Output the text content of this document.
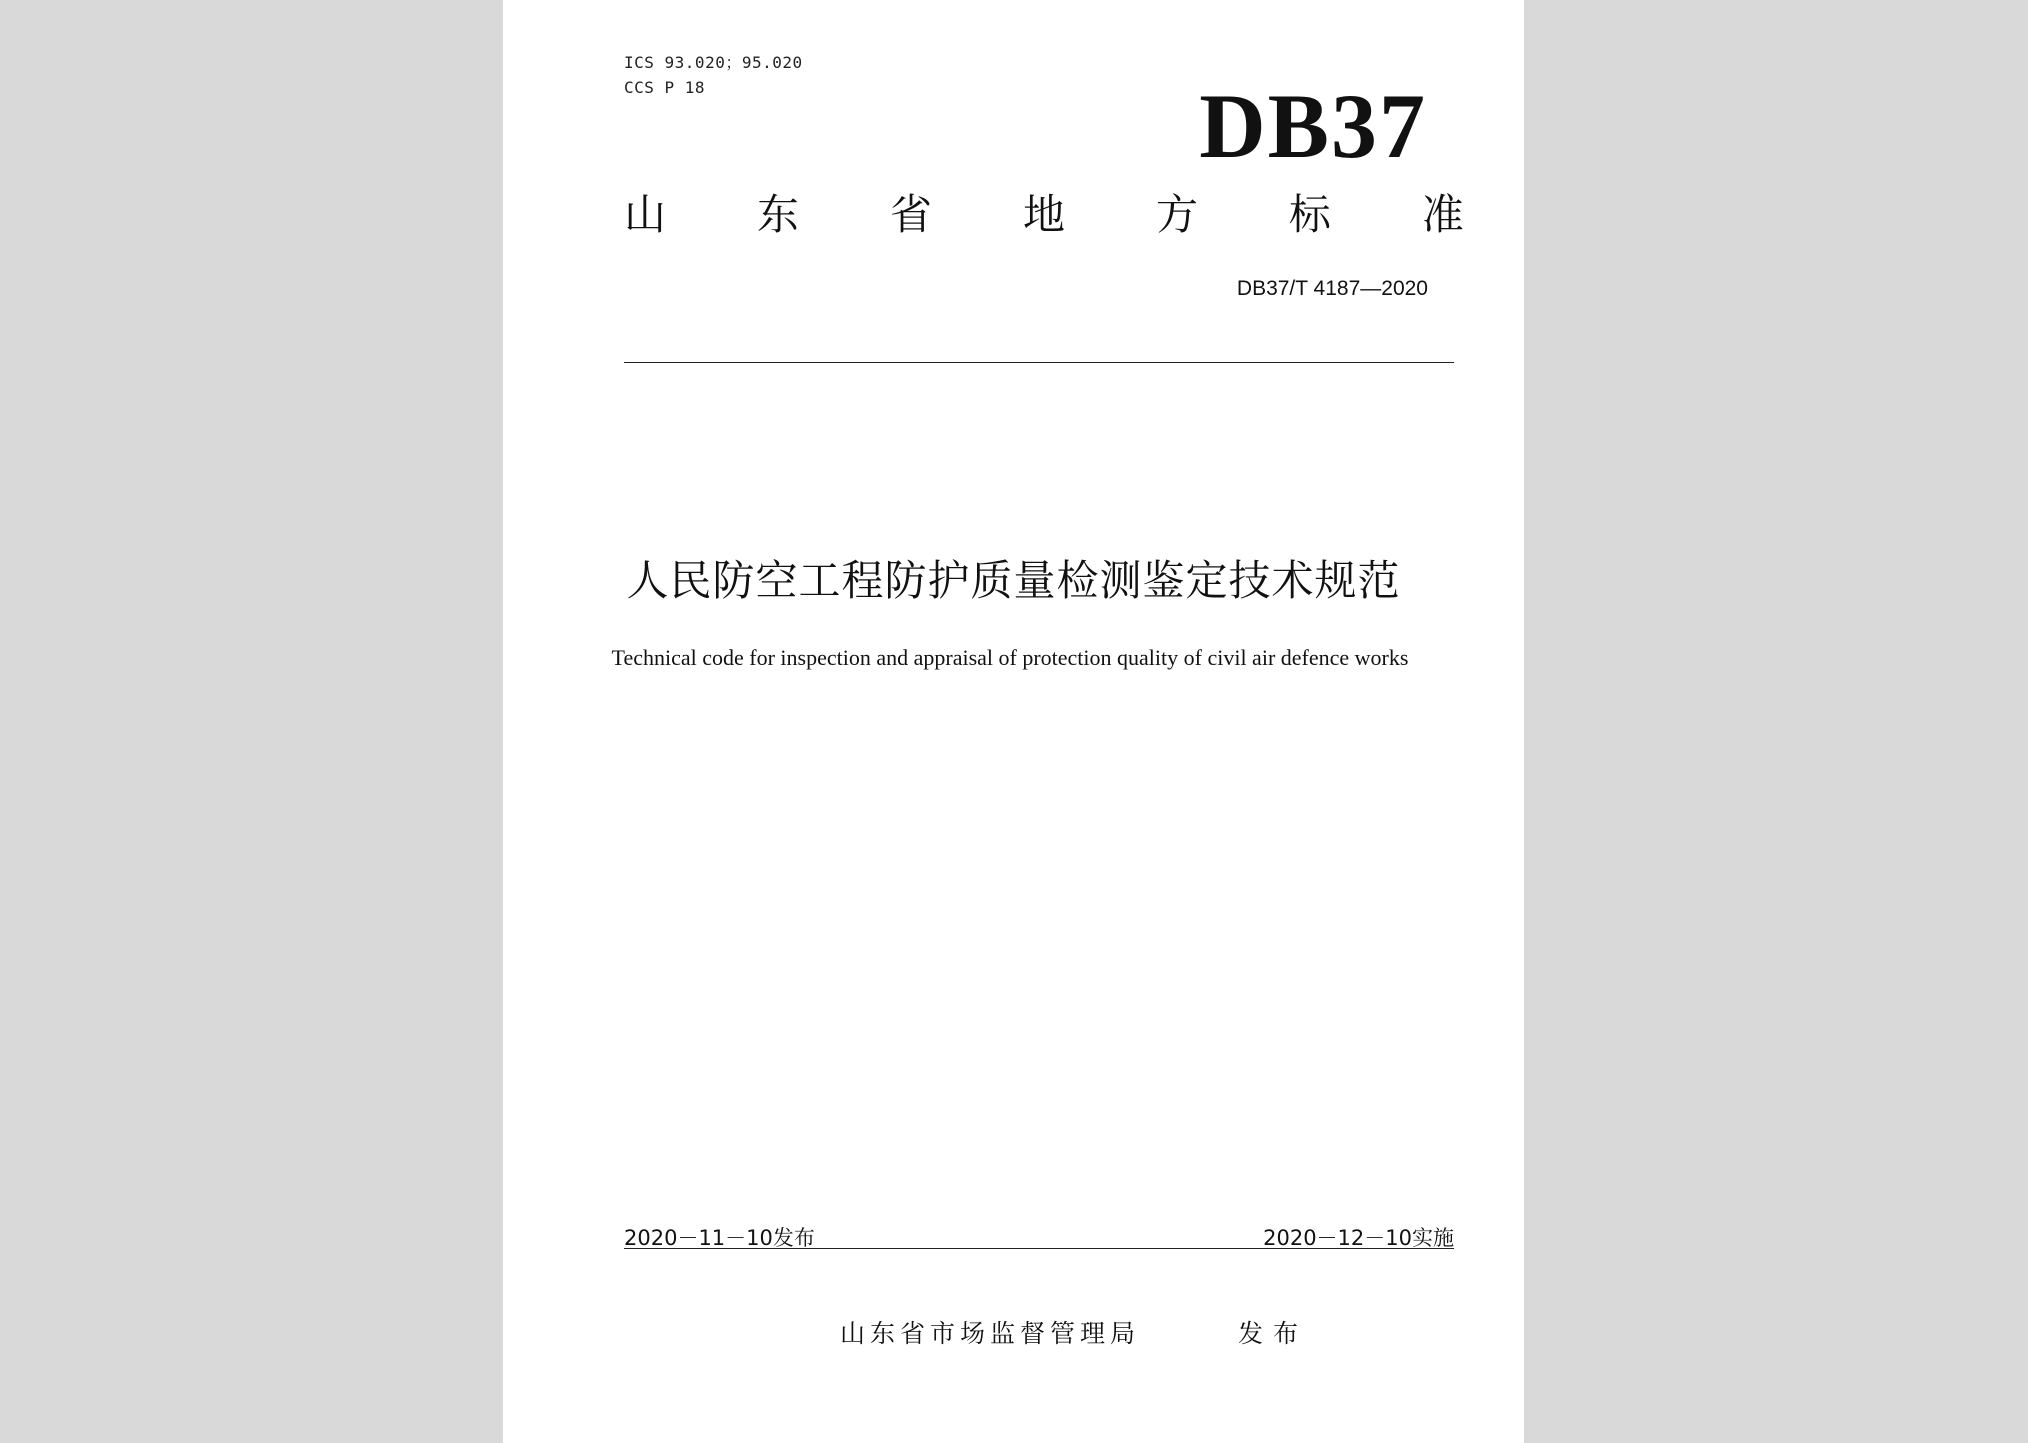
ICS 93.020；95.020
CCS P 18	DB37
山 东 省 地 方 标 准
DB37/T 4187—2020
人民防空工程防护质量检测鉴定技术规范
Technical code for inspection and appraisal of protection quality of civil air defence works
2020－11－10发布	2020－12－10实施
山东省市场监督管理局	发布
